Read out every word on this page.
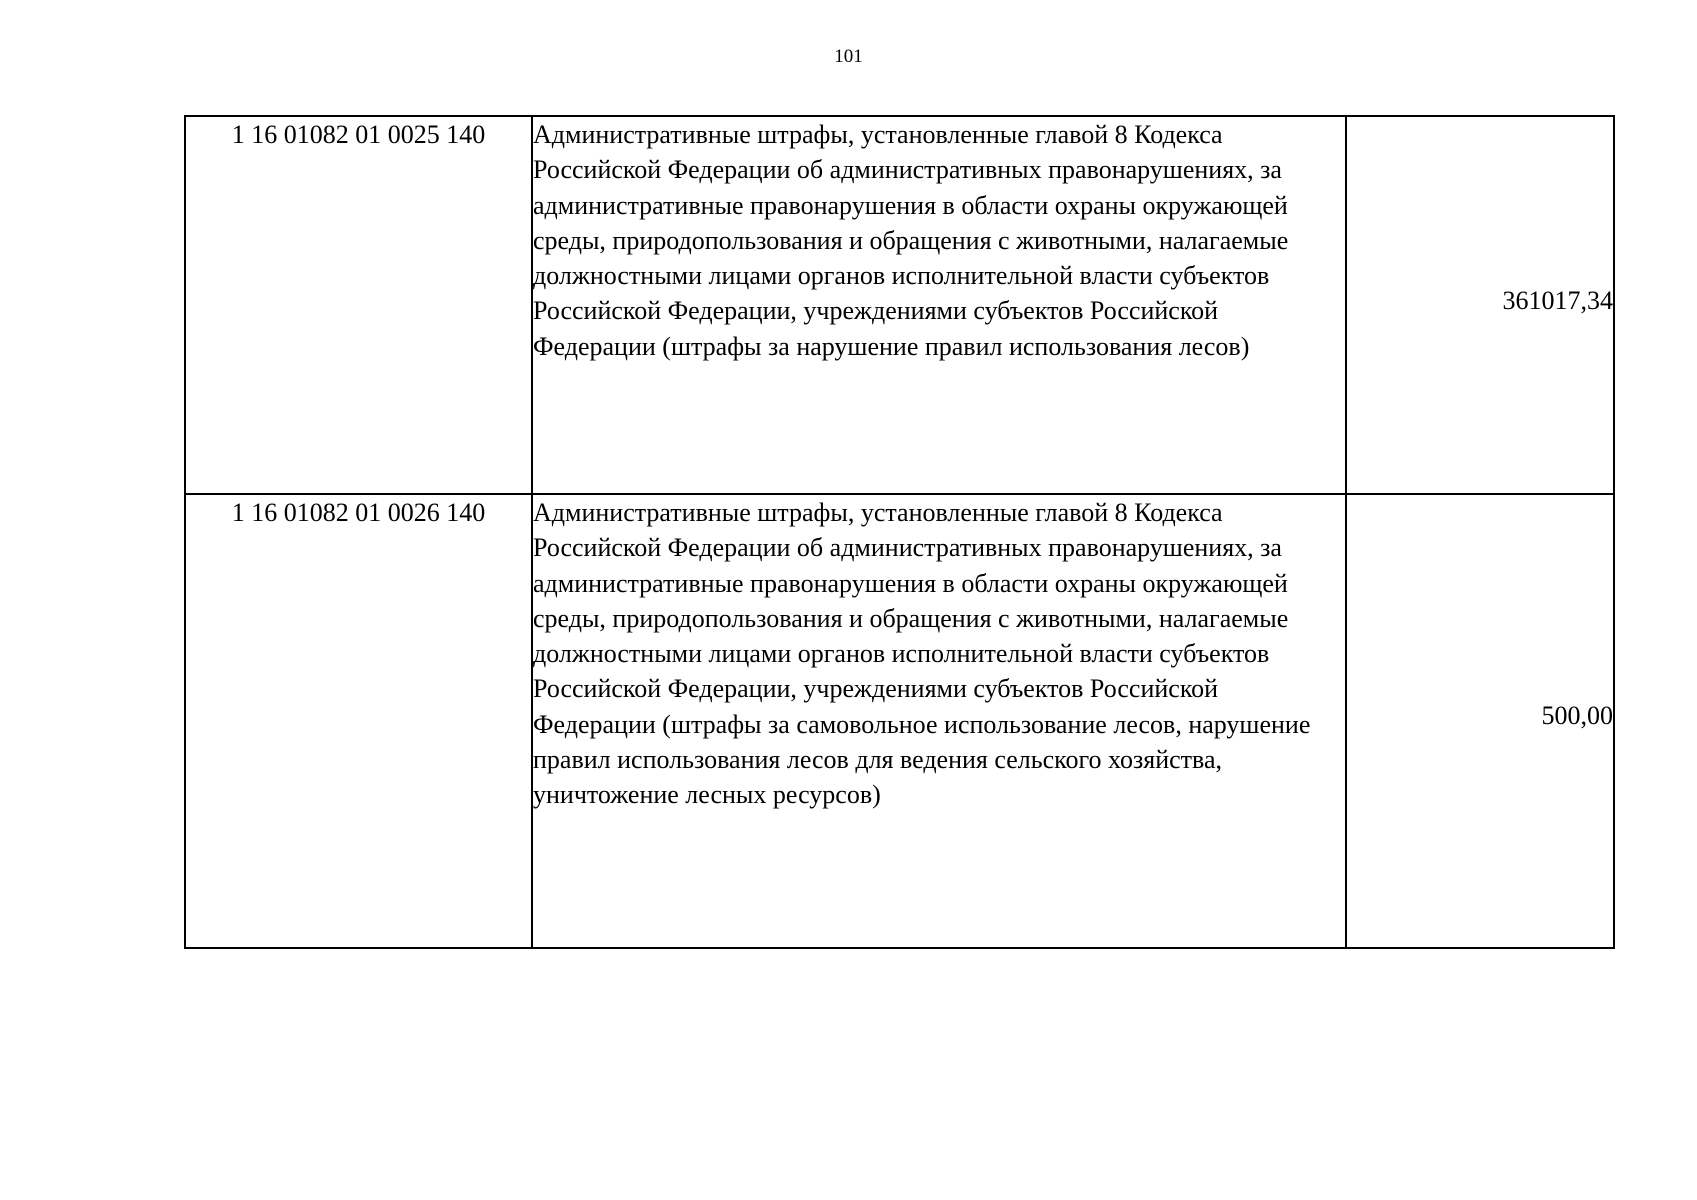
101
1 16 01082 01 0025 140	Административные штрафы, установленные главой 8 Кодекса Российской Федерации об административных правонарушениях, за административные правонарушения в области охраны окружающей среды, природопользования и обращения с животными, налагаемые должностными лицами органов исполнительной власти субъектов Российской Федерации, учреждениями субъектов Российской Федерации (штрафы за нарушение правил использования лесов)	361017,34
1 16 01082 01 0026 140	Административные штрафы, установленные главой 8 Кодекса Российской Федерации об административных правонарушениях, за административные правонарушения в области охраны окружающей среды, природопользования и обращения с животными, налагаемые должностными лицами органов исполнительной власти субъектов Российской Федерации, учреждениями субъектов Российской Федерации (штрафы за самовольное использование лесов, нарушение правил использования лесов для ведения сельского хозяйства, уничтожение лесных ресурсов)	500,00
